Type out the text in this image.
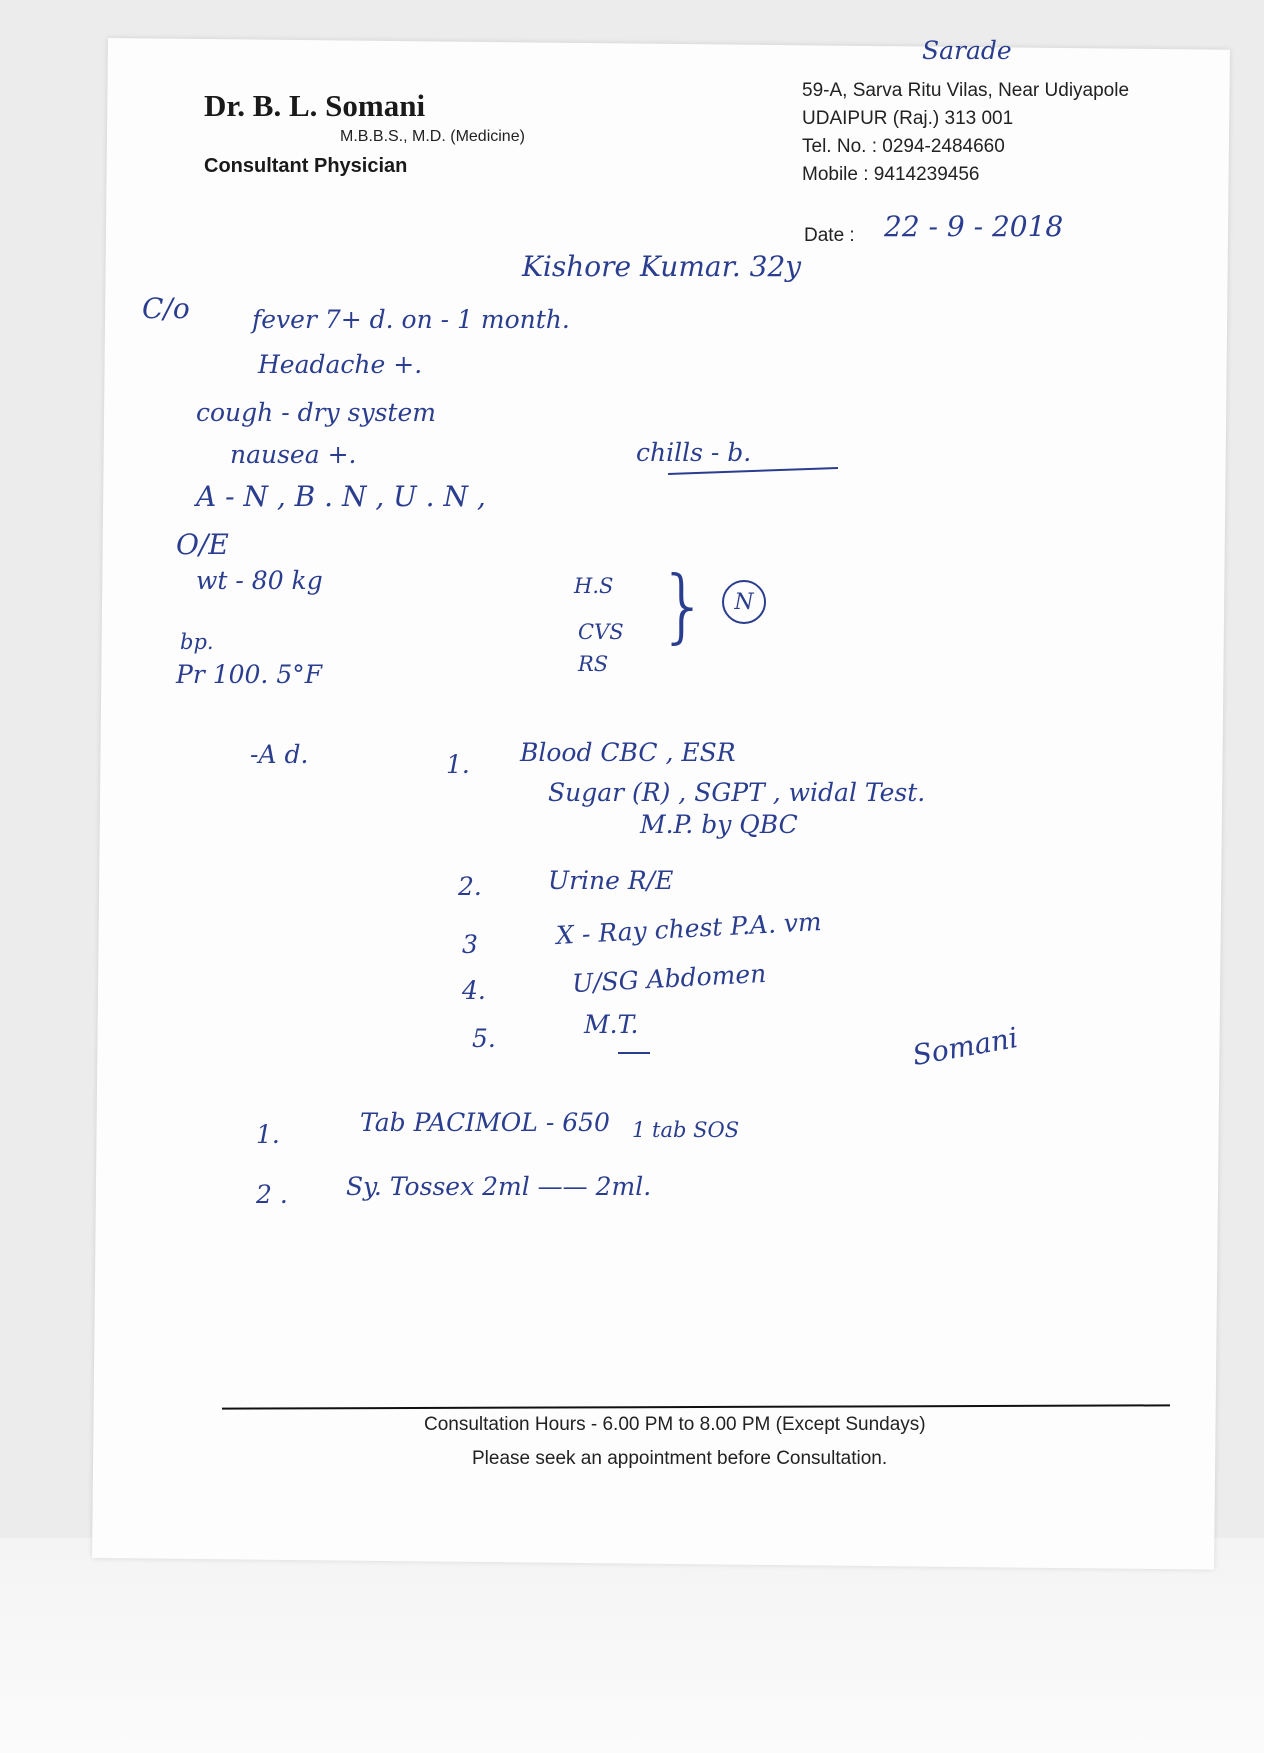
Dr. B. L. Somani
M.B.B.S., M.D. (Medicine)
Consultant Physician
59-A, Sarva Ritu Vilas, Near Udiyapole
UDAIPUR (Raj.) 313 001
Tel. No. : 0294-2484660
Mobile : 9414239456
Date :
Sarade
22 - 9 - 2018
Kishore Kumar. 32y
C/o fever 7+ d. on - 1 month.
Headache +.
cough - dry system
nausea +.
A - N , B . N , U . N ,
chills - b.
O/E
wt - 80 kg
bp.
Pr 100. 5°F
H.S
CVS
RS
}	N
-A d.	1. Blood CBC , ESR
Sugar (R) , SGPT , widal Test.
M.P. by QBC
2.	Urine R/E
3	X - Ray chest P.A. vm
4.	U/SG Abdomen
5.	M.T.	Somani
1.	Tab PACIMOL - 650 1 tab SOS
2 . Sy. Tossex 2ml —— 2ml.
Consultation Hours - 6.00 PM to 8.00 PM (Except Sundays)
Please seek an appointment before Consultation.
